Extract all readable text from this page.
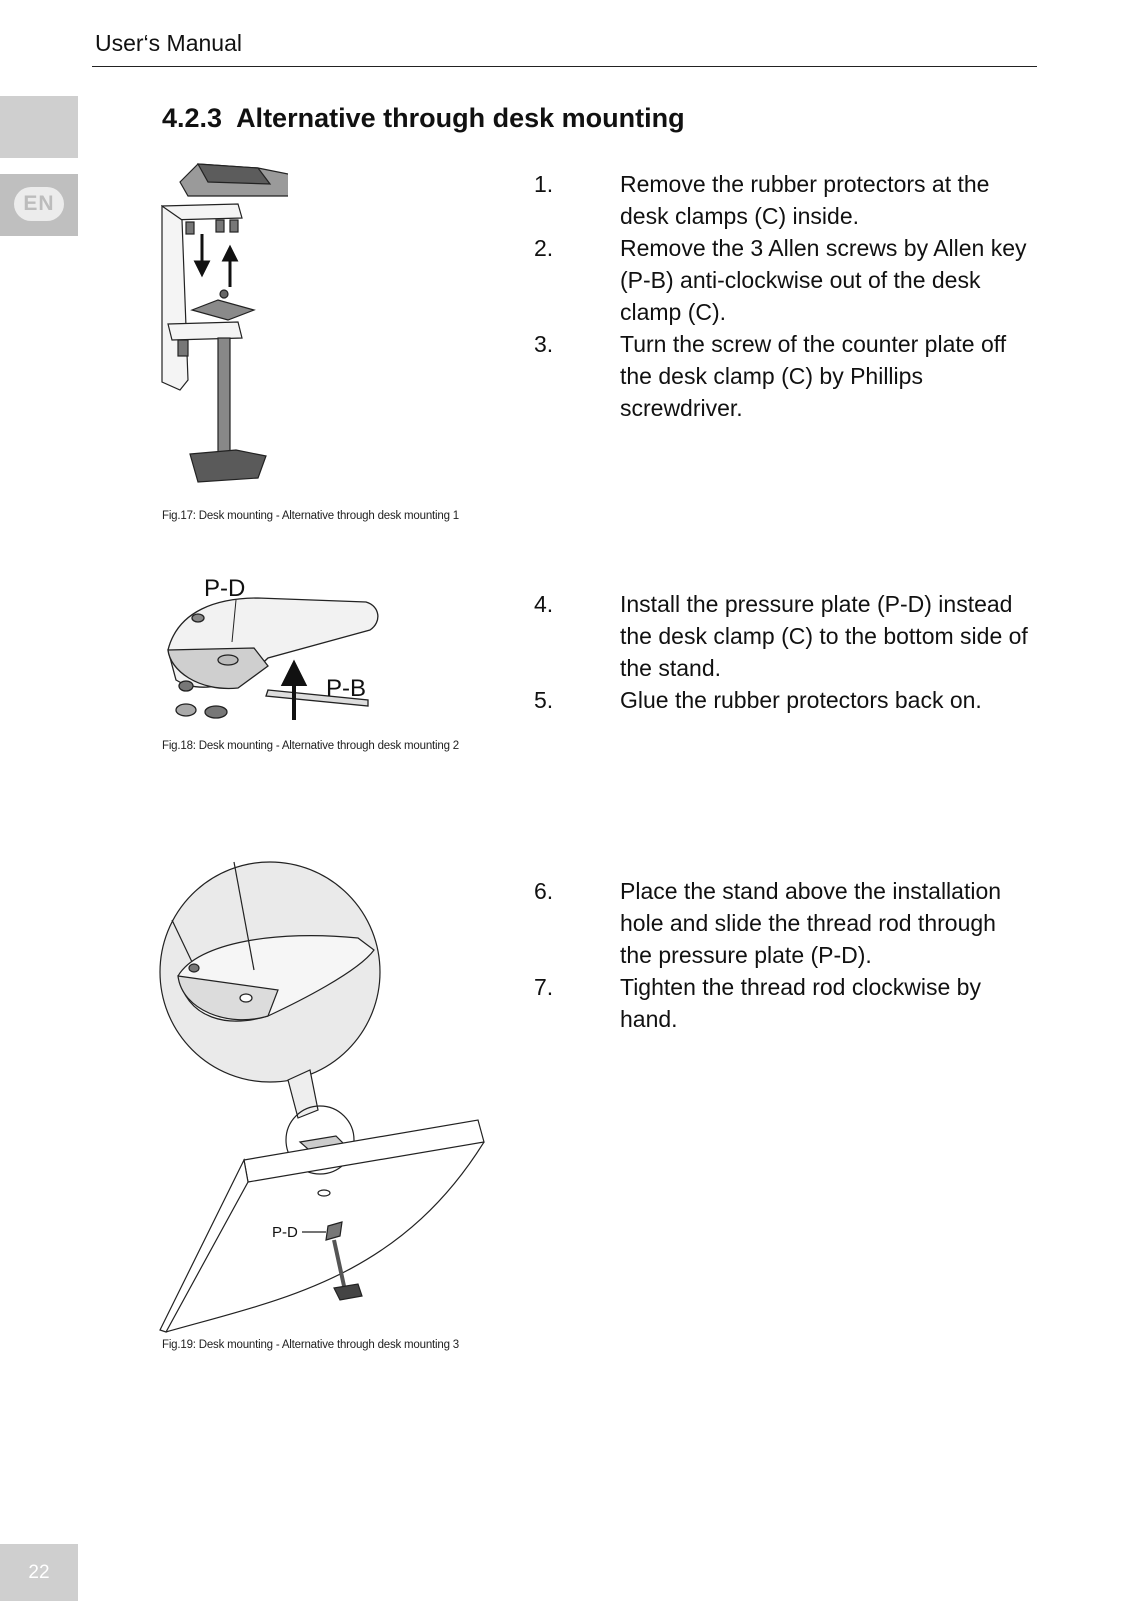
User‘s Manual
EN
4.2.3 Alternative through desk mounting
1.	Remove the rubber protectors at the desk clamps (C) inside.
2.	Remove the 3 Allen screws by Allen key (P-B) anti-clockwise out of the desk clamp (C).
3.	Turn the screw of the counter plate off the desk clamp (C) by Phillips screwdriver.
4.	Install the pressure plate (P-D) instead the desk clamp (C) to the bottom side of the stand.
5.	Glue the rubber protectors back on.
6.	Place the stand above the installation hole and slide the thread rod through the pressure plate (P-D).
7.	Tighten the thread rod clockwise by hand.
Fig.17: Desk mounting - Alternative through desk mounting 1
P-D
P-B
Fig.18: Desk mounting - Alternative through desk mounting 2
P-D
Fig.19: Desk mounting - Alternative through desk mounting 3
22
